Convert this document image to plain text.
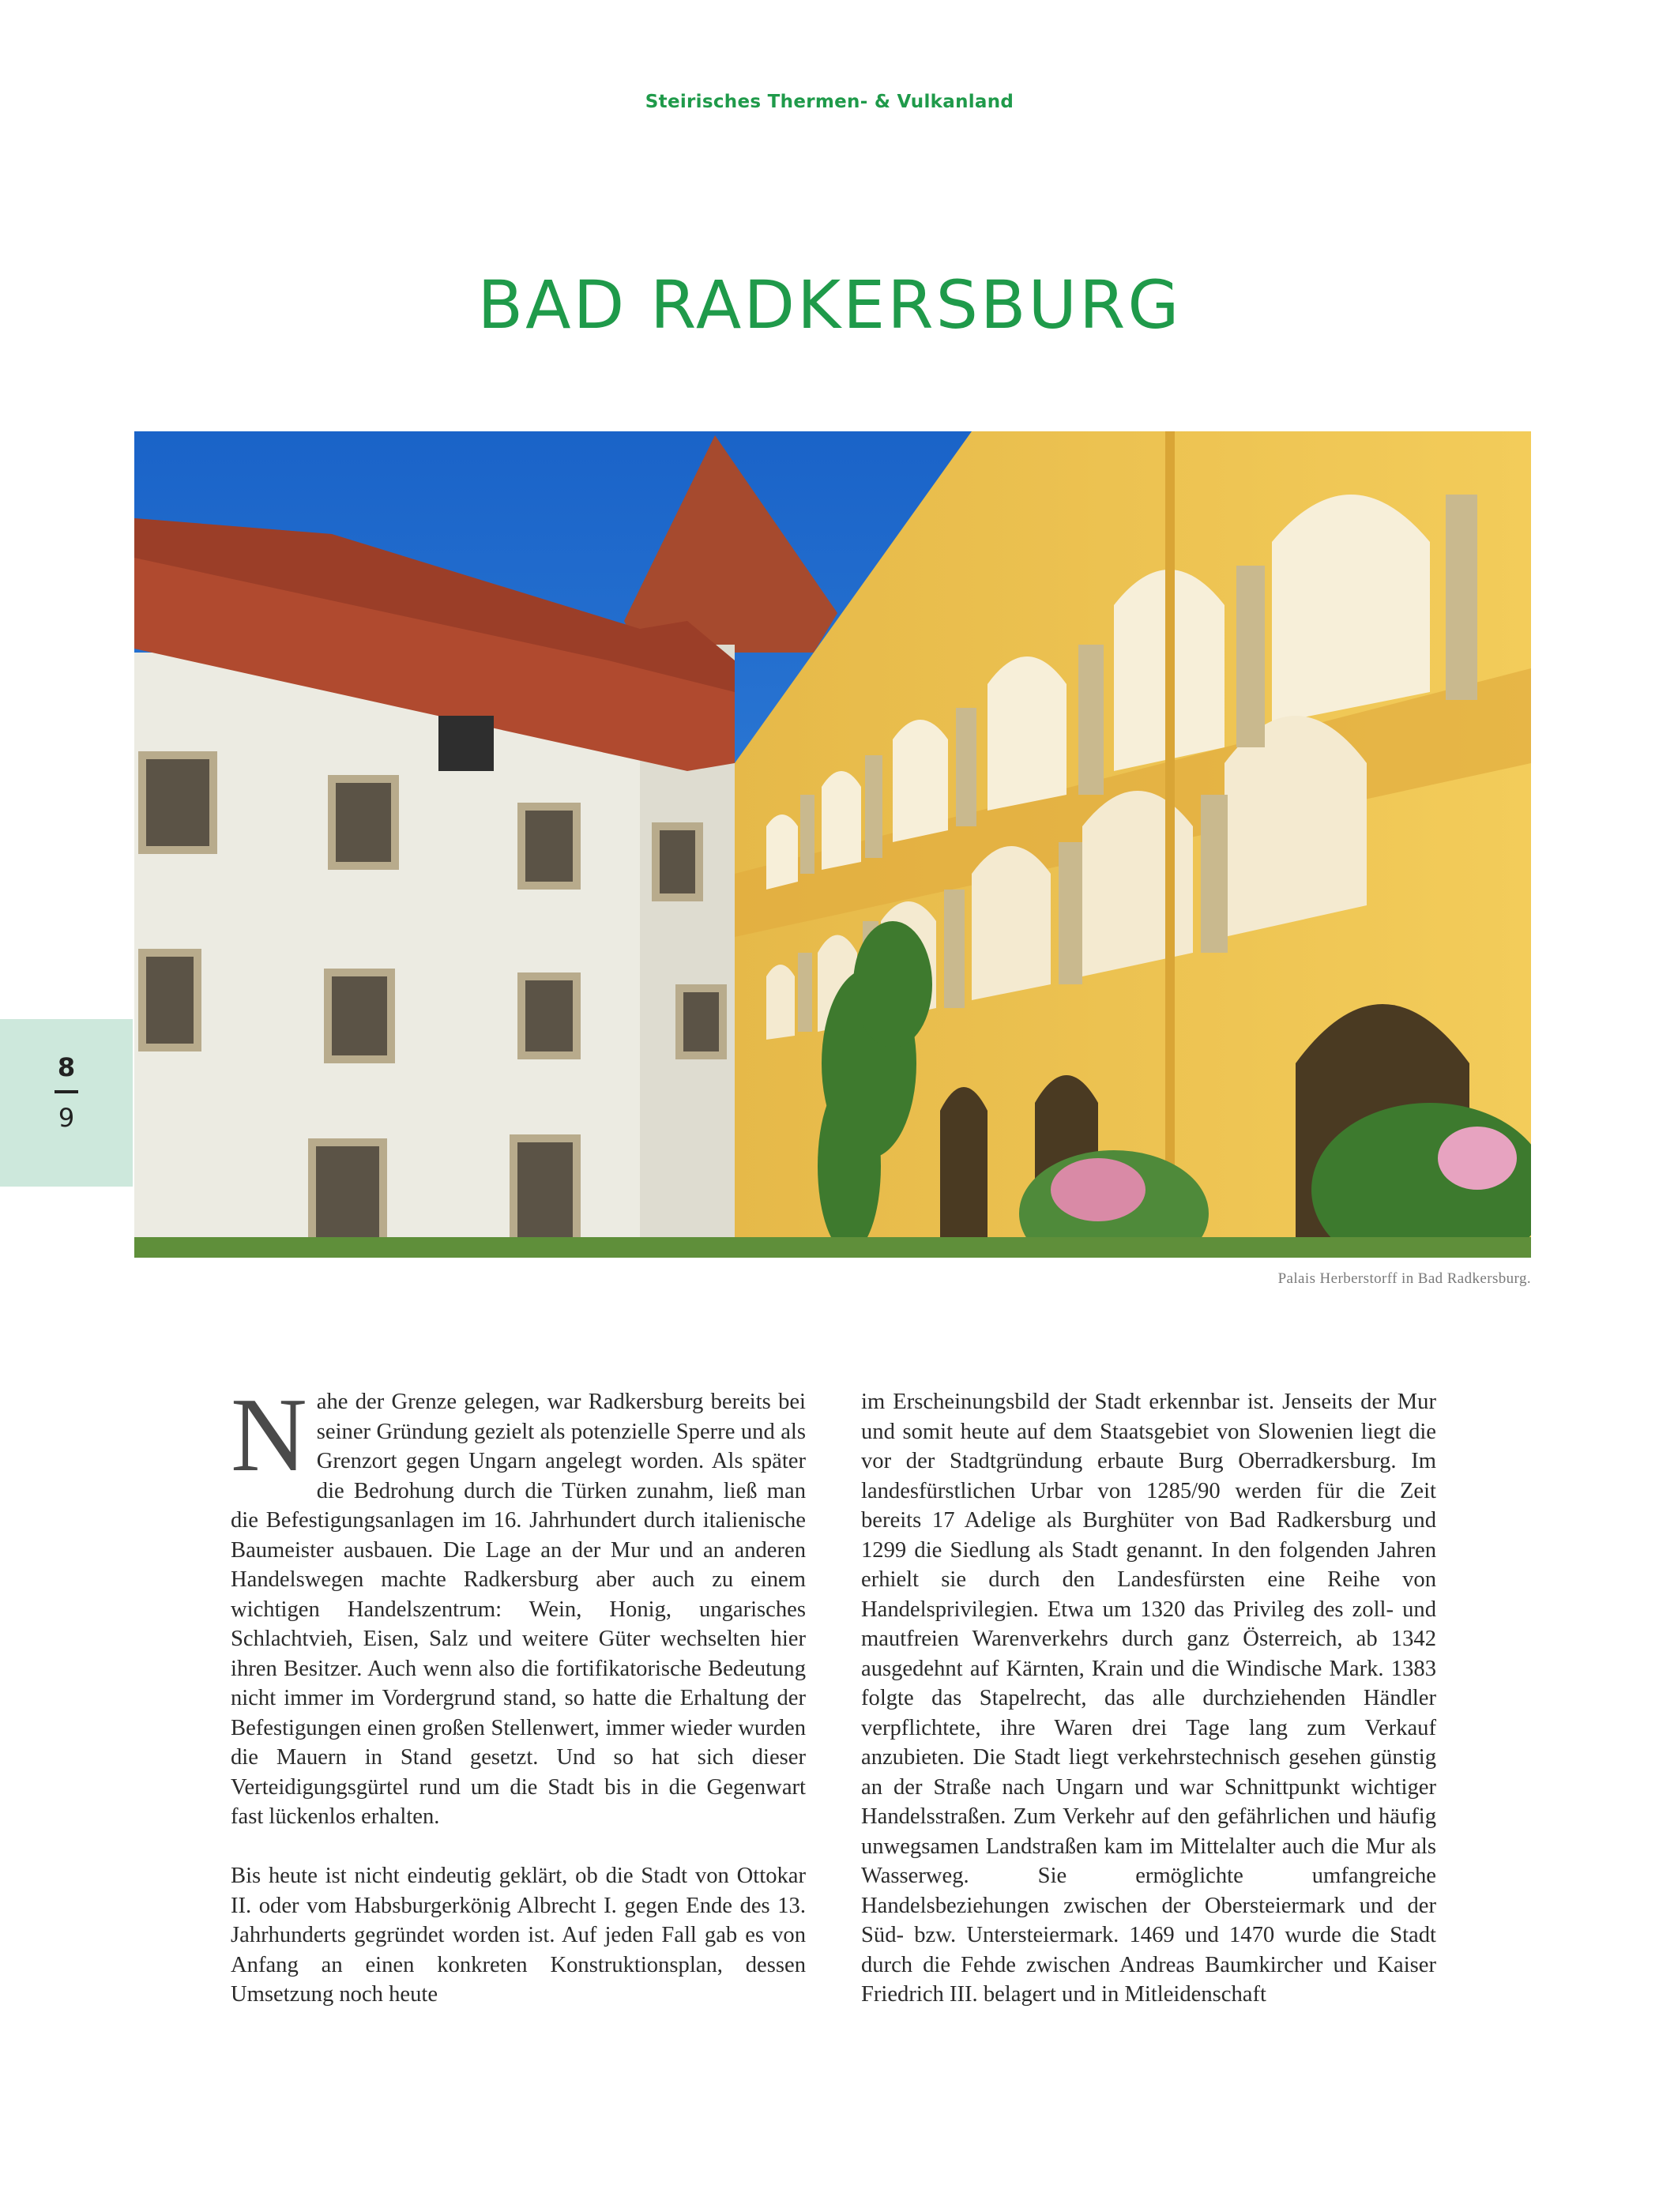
Steirisches Thermen- & Vulkanland
BAD RADKERSBURG
Palais Herberstorff in Bad Radkersburg.
8
9

Nahe der Grenze gelegen, war Radkersburg bereits bei seiner Gründung gezielt als potenzielle Sperre und als Grenzort gegen Ungarn angelegt worden. Als später die Bedrohung durch die Türken zunahm, ließ man die Befestigungsanlagen im 16. Jahrhundert durch italienische Baumeister ausbauen. Die Lage an der Mur und an anderen Handelswegen machte Radkersburg aber auch zu einem wichtigen Handelszentrum: Wein, Honig, ungarisches Schlachtvieh, Eisen, Salz und weitere Güter wechselten hier ihren Besitzer. Auch wenn also die fortifikatorische Bedeutung nicht immer im Vordergrund stand, so hatte die Erhaltung der Befestigungen einen großen Stellenwert, immer wieder wurden die Mauern in Stand gesetzt. Und so hat sich dieser Verteidigungsgürtel rund um die Stadt bis in die Gegenwart fast lückenlos erhalten.

Bis heute ist nicht eindeutig geklärt, ob die Stadt von Ottokar II. oder vom Habsburgerkönig Albrecht I. gegen Ende des 13. Jahrhunderts gegründet worden ist. Auf jeden Fall gab es von Anfang an einen konkreten Konstruktionsplan, dessen Umsetzung noch heute

im Erscheinungsbild der Stadt erkennbar ist. Jenseits der Mur und somit heute auf dem Staatsgebiet von Slowenien liegt die vor der Stadtgründung erbaute Burg Oberradkersburg. Im landesfürstlichen Urbar von 1285/90 werden für die Zeit bereits 17 Adelige als Burghüter von Bad Radkersburg und 1299 die Siedlung als Stadt genannt. In den folgenden Jahren erhielt sie durch den Landesfürsten eine Reihe von Handelsprivilegien. Etwa um 1320 das Privileg des zoll- und mautfreien Warenverkehrs durch ganz Österreich, ab 1342 ausgedehnt auf Kärnten, Krain und die Windische Mark. 1383 folgte das Stapelrecht, das alle durchziehenden Händler verpflichtete, ihre Waren drei Tage lang zum Verkauf anzubieten. Die Stadt liegt verkehrstechnisch gesehen günstig an der Straße nach Ungarn und war Schnittpunkt wichtiger Handelsstraßen. Zum Verkehr auf den gefährlichen und häufig unwegsamen Landstraßen kam im Mittelalter auch die Mur als Wasserweg. Sie ermöglichte umfangreiche Handelsbeziehungen zwischen der Obersteiermark und der Süd- bzw. Untersteiermark. 1469 und 1470 wurde die Stadt durch die Fehde zwischen Andreas Baumkircher und Kaiser Friedrich III. belagert und in Mitleidenschaft
